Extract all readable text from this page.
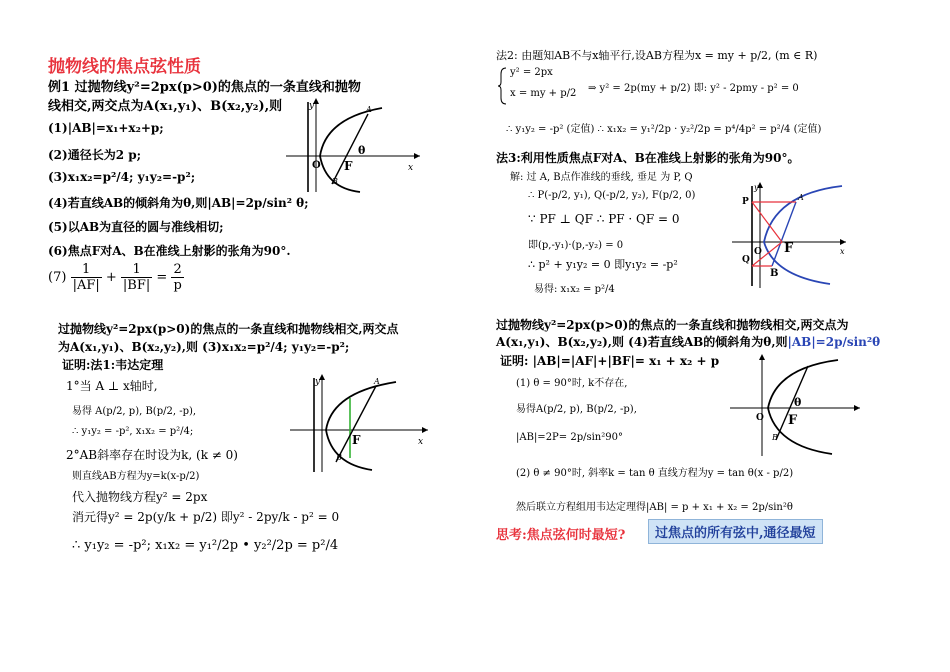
抛物线的焦点弦性质
例1 过抛物线y²=2px(p>0)的焦点的一条直线和抛物
线相交,两交点为A(x₁,y₁)、B(x₂,y₂),则
(1)|AB|=x₁+x₂+p;
(2)通径长为2 p;
(3)x₁x₂=p²/4; y₁y₂=-p²;
(4)若直线AB的倾斜角为θ,则|AB|=2p/sin² θ;
(5)以AB为直径的圆与准线相切;
(6)焦点F对A、B在准线上射影的张角为90°.
$(7) \frac{1}{|AF|} + \frac{1}{|BF|} = \frac{2}{p}$
y
x
O F
θ
A
B
过抛物线y²=2px(p>0)的焦点的一条直线和抛物线相交,两交点
为A(x₁,y₁)、B(x₂,y₂),则 (3)x₁x₂=p²/4; y₁y₂=-p²;
证明:法1:韦达定理
1°当 A ⊥ x轴时,
易得 A(p/2, p), B(p/2, -p),
∴ y₁y₂ = -p², x₁x₂ = p²/4;
2°AB斜率存在时设为k, (k ≠ 0)
则直线AB方程为y=k(x-p/2)
代入抛物线方程y² = 2px
消元得y² = 2p(y/k + p/2) 即y² - 2py/k - p² = 0
∴ y₁y₂ = -p²; x₁x₂ = y₁²/2p • y₂²/2p = p²/4
y
x
F
A
B
法2: 由题知AB不与x轴平行,设AB方程为x = my + p/2, (m ∈ R)
y² = 2px
x = my + p/2 ⇒ y² = 2p(my + p/2) 即: y² - 2pmy - p² = 0
∴ y₁y₂ = -p² (定值) ∴ x₁x₂ = y₁²/2p · y₂²/2p = p⁴/4p² = p²/4 (定值)
法3:利用性质焦点F对A、B在准线上射影的张角为90°。
解: 过 A, B点作准线的垂线, 垂足 为 P, Q
∴ P(-p/2, y₁), Q(-p/2, y₂), F(p/2, 0)
∵ PF ⊥ QF ∴ PF · QF = 0
即(p,-y₁)·(p,-y₂) = 0
∴ p² + y₁y₂ = 0 即y₁y₂ = -p²
易得: x₁x₂ = p²/4
P
Q
O F
A
B
y
x
过抛物线y²=2px(p>0)的焦点的一条直线和抛物线相交,两交点为
A(x₁,y₁)、B(x₂,y₂),则 (4)若直线AB的倾斜角为θ,则|AB|=2p/sin²θ
证明: |AB|=|AF|+|BF|= x₁ + x₂ + p
(1) θ = 90°时, k不存在,
易得A(p/2, p), B(p/2, -p),
|AB|=2P= 2p/sin²90°
(2) θ ≠ 90°时, 斜率k = tan θ 直线方程为y = tan θ(x - p/2)
然后联立方程组用韦达定理得|AB| = p + x₁ + x₂ = 2p/sin²θ
O F
θ
B
思考:焦点弦何时最短?	过焦点的所有弦中,通径最短
